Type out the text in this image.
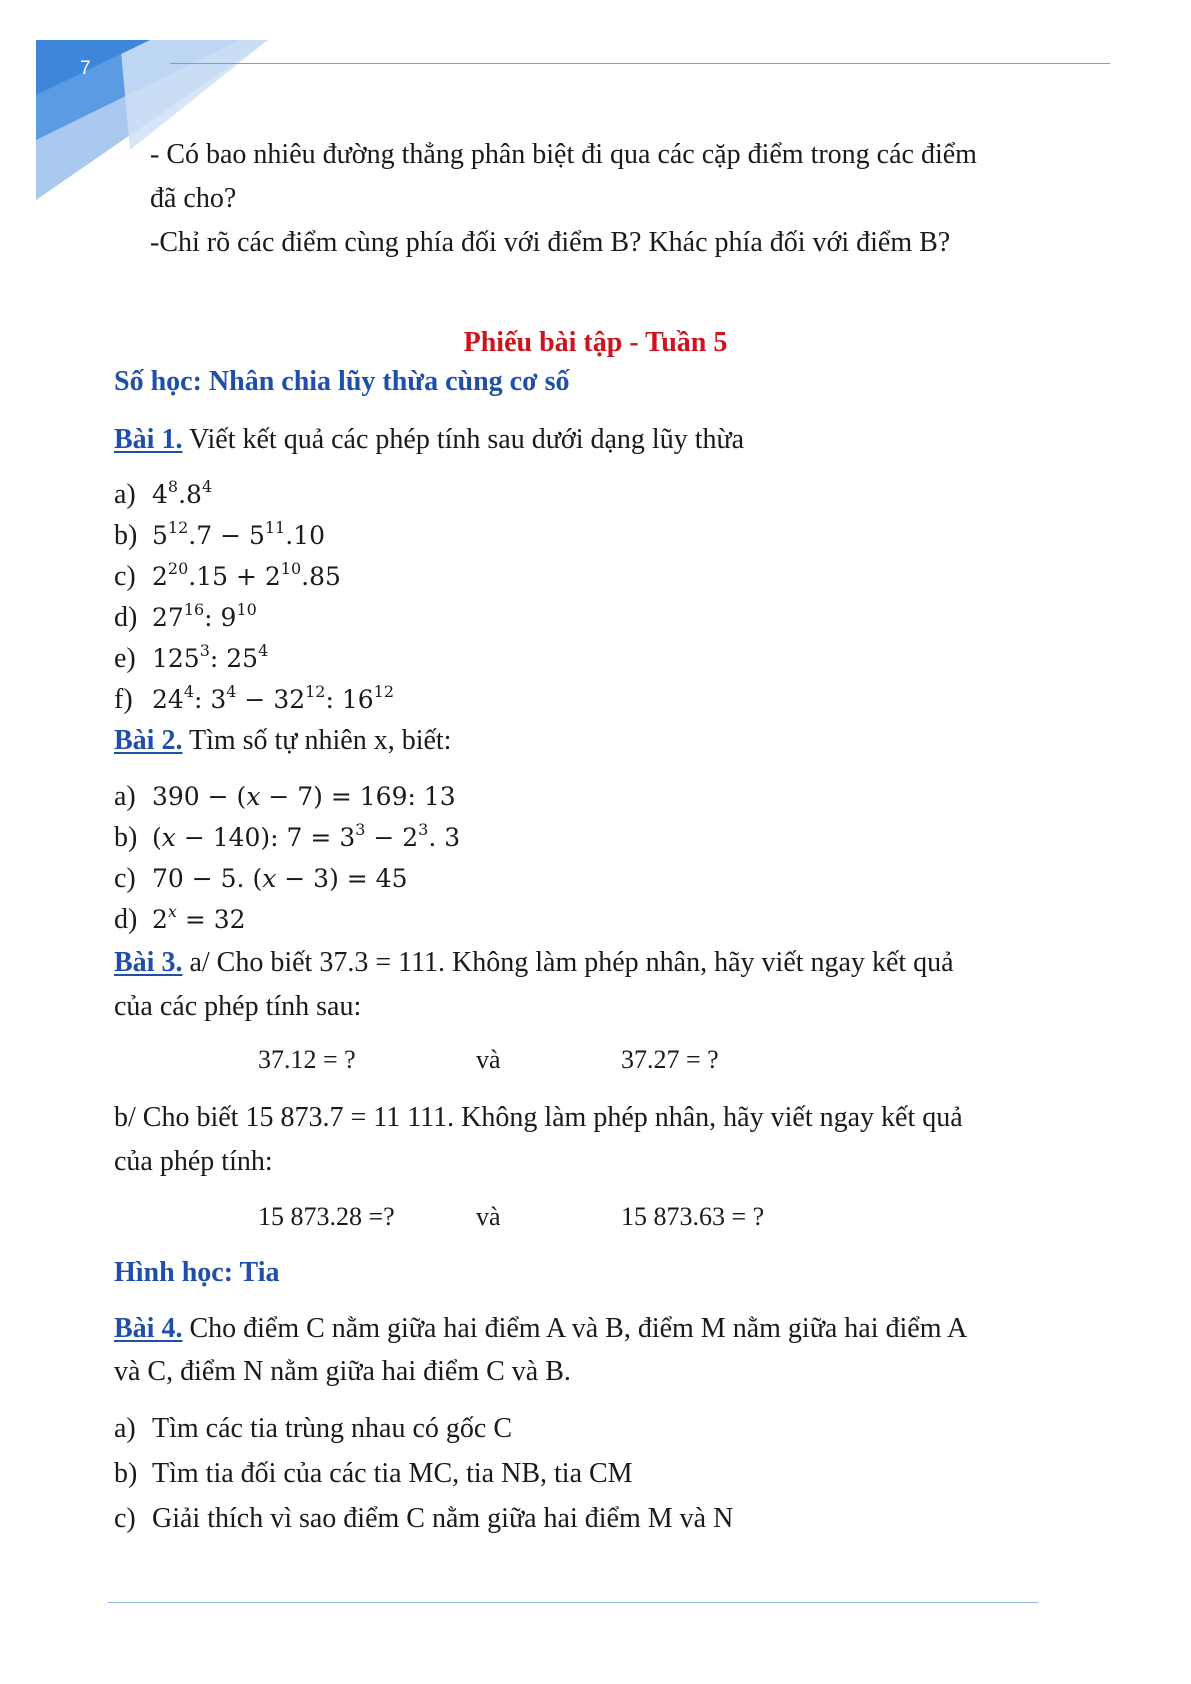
7
- Có bao nhiêu đường thẳng phân biệt đi qua các cặp điểm trong các điểm
đã cho?
-Chỉ rõ các điểm cùng phía đối với điểm B? Khác phía đối với điểm B?
Phiếu bài tập - Tuần 5
Số học: Nhân chia lũy thừa cùng cơ số
Bài 1. Viết kết quả các phép tính sau dưới dạng lũy thừa
a) $4^8.8^4$
b) $5^{12}.7 - 5^{11}.10$
c) $2^{20}.15 + 2^{10}.85$
d) $27^{16}$: $9^{10}$
e) $125^3$: $25^4$
f) $24^4$: $3^4 - 32^{12}$: $16^{12}$
Bài 2. Tìm số tự nhiên x, biết:
a) 390 − (x − 7) = 169: 13
b) (x − 140): $7 = 3^3 - 2^3$. 3
c) 70 − 5. (x − 3) = 45
d) $2^x = 32$
Bài 3. a/ Cho biết 37.3 = 111. Không làm phép nhân, hãy viết ngay kết quả
của các phép tính sau:
37.12 = ?	và	37.27 = ?
b/ Cho biết 15 873.7 = 11 111. Không làm phép nhân, hãy viết ngay kết quả
của phép tính:
15 873.28 =?	và	15 873.63 = ?
Hình học: Tia
Bài 4. Cho điểm C nằm giữa hai điểm A và B, điểm M nằm giữa hai điểm A
và C, điểm N nằm giữa hai điểm C và B.
a) Tìm các tia trùng nhau có gốc C
b) Tìm tia đối của các tia MC, tia NB, tia CM
c) Giải thích vì sao điểm C nằm giữa hai điểm M và N
